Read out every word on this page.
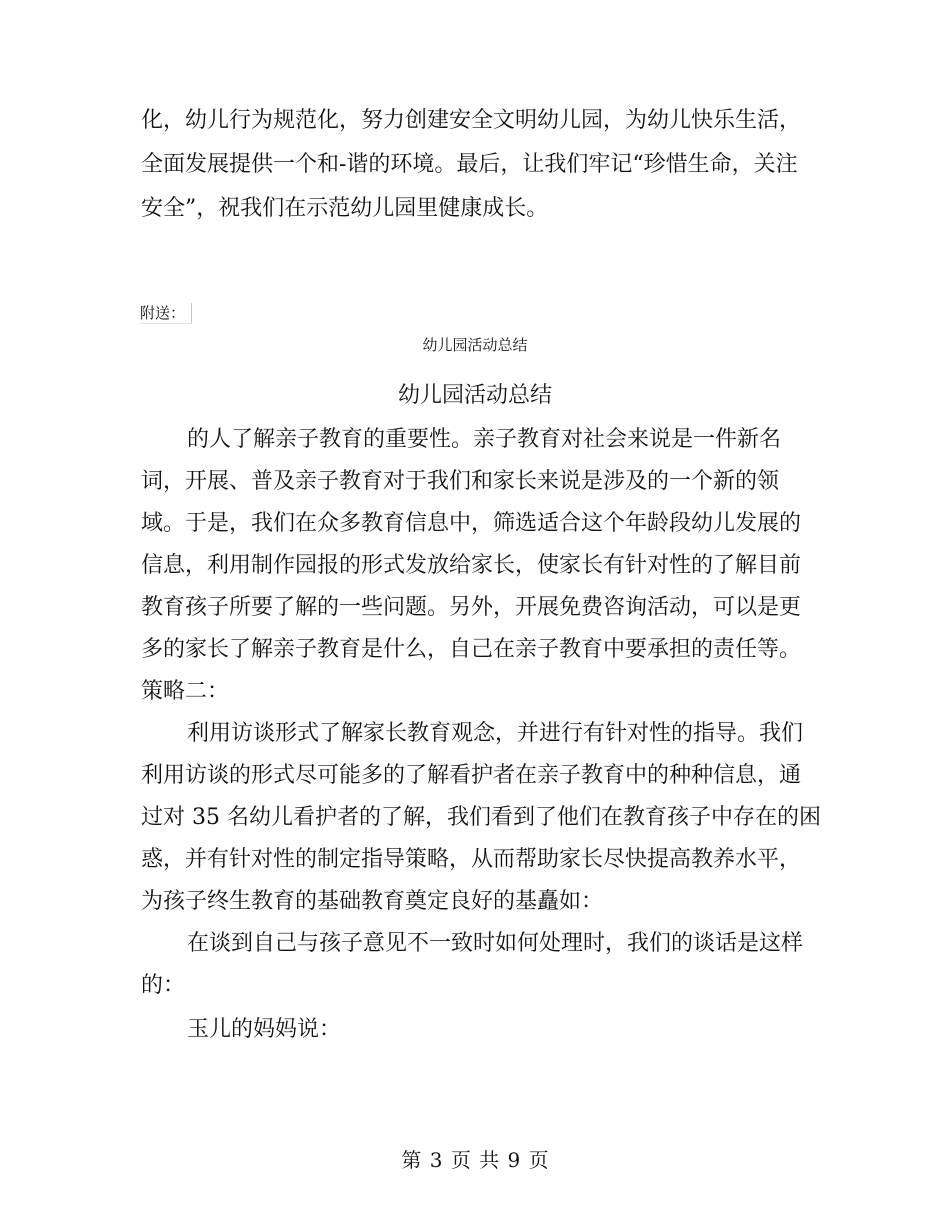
化，幼儿行为规范化，努力创建安全文明幼儿园，为幼儿快乐生活，
全面发展提供一个和-谐的环境。最后，让我们牢记“珍惜生命，关注
安全”，祝我们在示范幼儿园里健康成长。
附送：
幼儿园活动总结
幼儿园活动总结
的人了解亲子教育的重要性。亲子教育对社会来说是一件新名
词，开展、普及亲子教育对于我们和家长来说是涉及的一个新的领
域。于是，我们在众多教育信息中，筛选适合这个年龄段幼儿发展的
信息，利用制作园报的形式发放给家长，使家长有针对性的了解目前
教育孩子所要了解的一些问题。另外，开展免费咨询活动，可以是更
多的家长了解亲子教育是什么，自己在亲子教育中要承担的责任等。
策略二：
利用访谈形式了解家长教育观念，并进行有针对性的指导。我们
利用访谈的形式尽可能多的了解看护者在亲子教育中的种种信息，通
过对 35 名幼儿看护者的了解，我们看到了他们在教育孩子中存在的困
惑，并有针对性的制定指导策略，从而帮助家长尽快提高教养水平，
为孩子终生教育的基础教育奠定良好的基矗如：
在谈到自己与孩子意见不一致时如何处理时，我们的谈话是这样
的：
玉儿的妈妈说：
第 3 页 共 9 页
